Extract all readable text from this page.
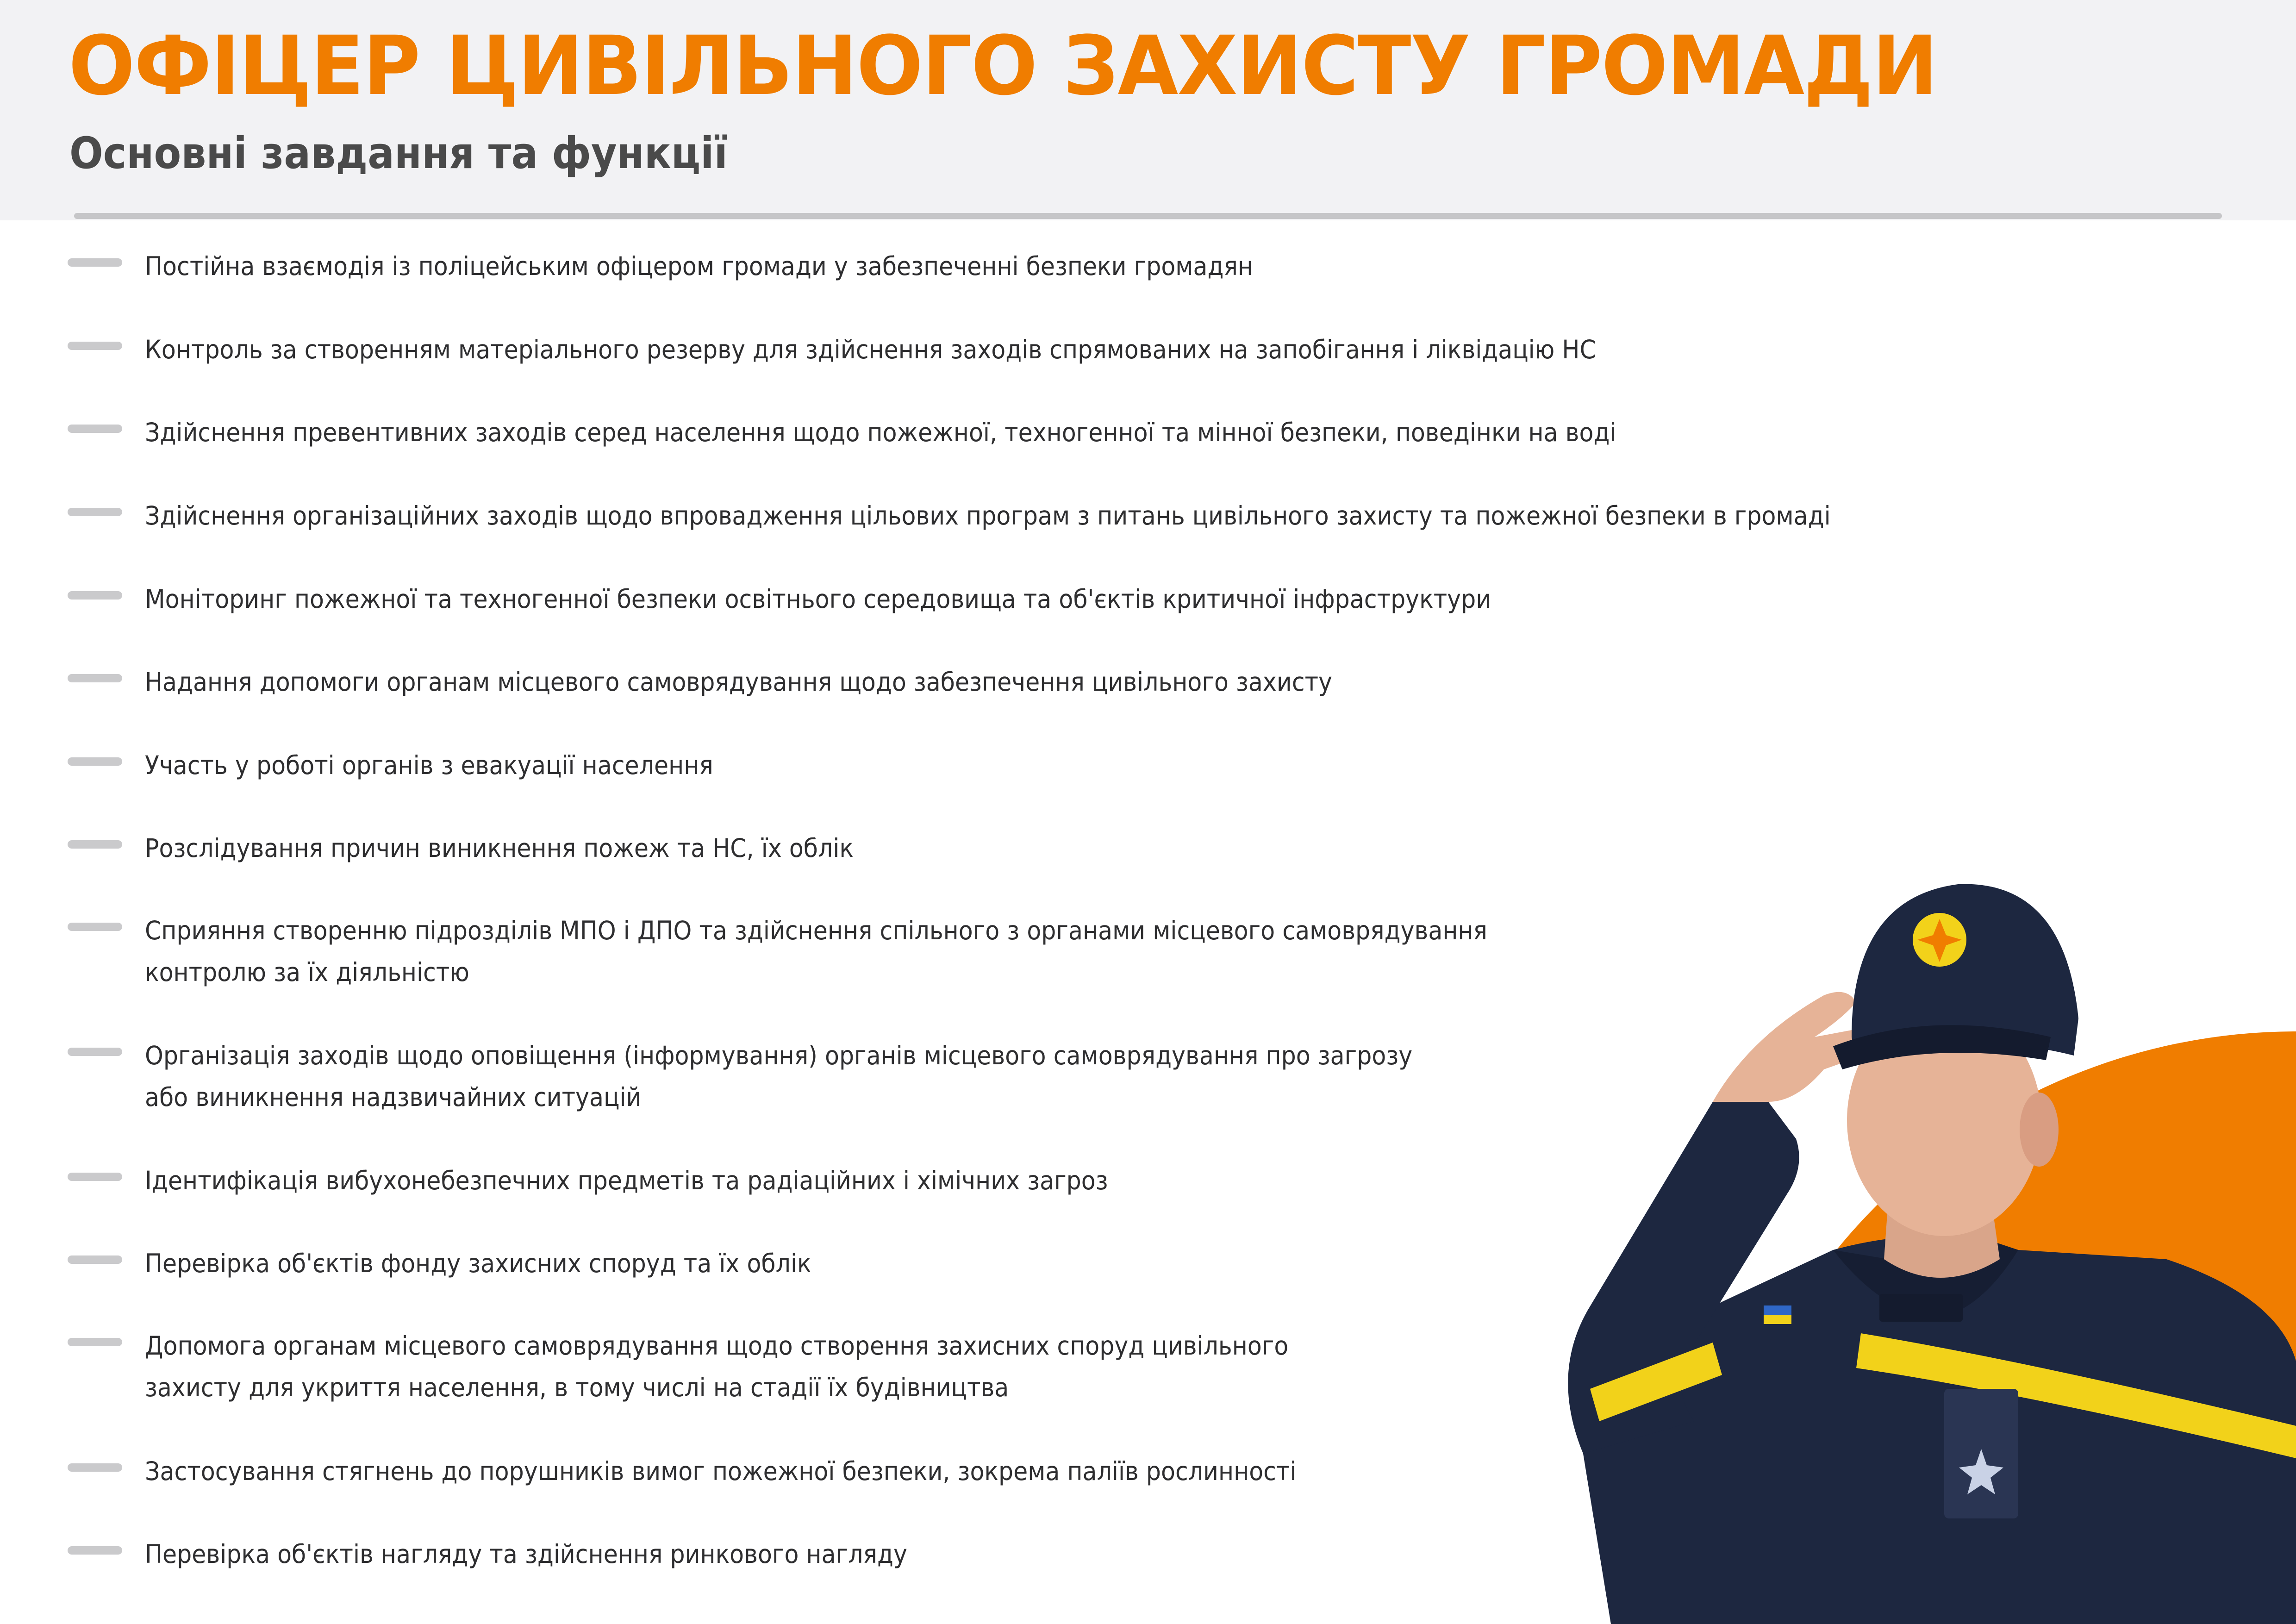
ОФІЦЕР ЦИВІЛЬНОГО ЗАХИСТУ ГРОМАДИ
Основні завдання та функції
Постійна взаємодія із поліцейським офіцером громади у забезпеченні безпеки громадян
Контроль за створенням матеріального резерву для здійснення заходів спрямованих на запобігання і ліквідацію НС
Здійснення превентивних заходів серед населення щодо пожежної, техногенної та мінної безпеки, поведінки на воді
Здійснення організаційних заходів щодо впровадження цільових програм з питань цивільного захисту та пожежної безпеки в громаді
Моніторинг пожежної та техногенної безпеки освітнього середовища та об'єктів критичної інфраструктури
Надання допомоги органам місцевого самоврядування щодо забезпечення цивільного захисту
Участь у роботі органів з евакуації населення
Розслідування причин виникнення пожеж та НС, їх облік
Сприяння створенню підрозділів МПО і ДПО та здійснення спільного з органами місцевого самоврядування
контролю за їх діяльністю
Організація заходів щодо оповіщення (інформування) органів місцевого самоврядування про загрозу
або виникнення надзвичайних ситуацій
Ідентифікація вибухонебезпечних предметів та радіаційних і хімічних загроз
Перевірка об'єктів фонду захисних споруд та їх облік
Допомога органам місцевого самоврядування щодо створення захисних споруд цивільного
захисту для укриття населення, в тому числі на стадії їх будівництва
Застосування стягнень до порушників вимог пожежної безпеки, зокрема паліїв рослинності
Перевірка об'єктів нагляду та здійснення ринкового нагляду
